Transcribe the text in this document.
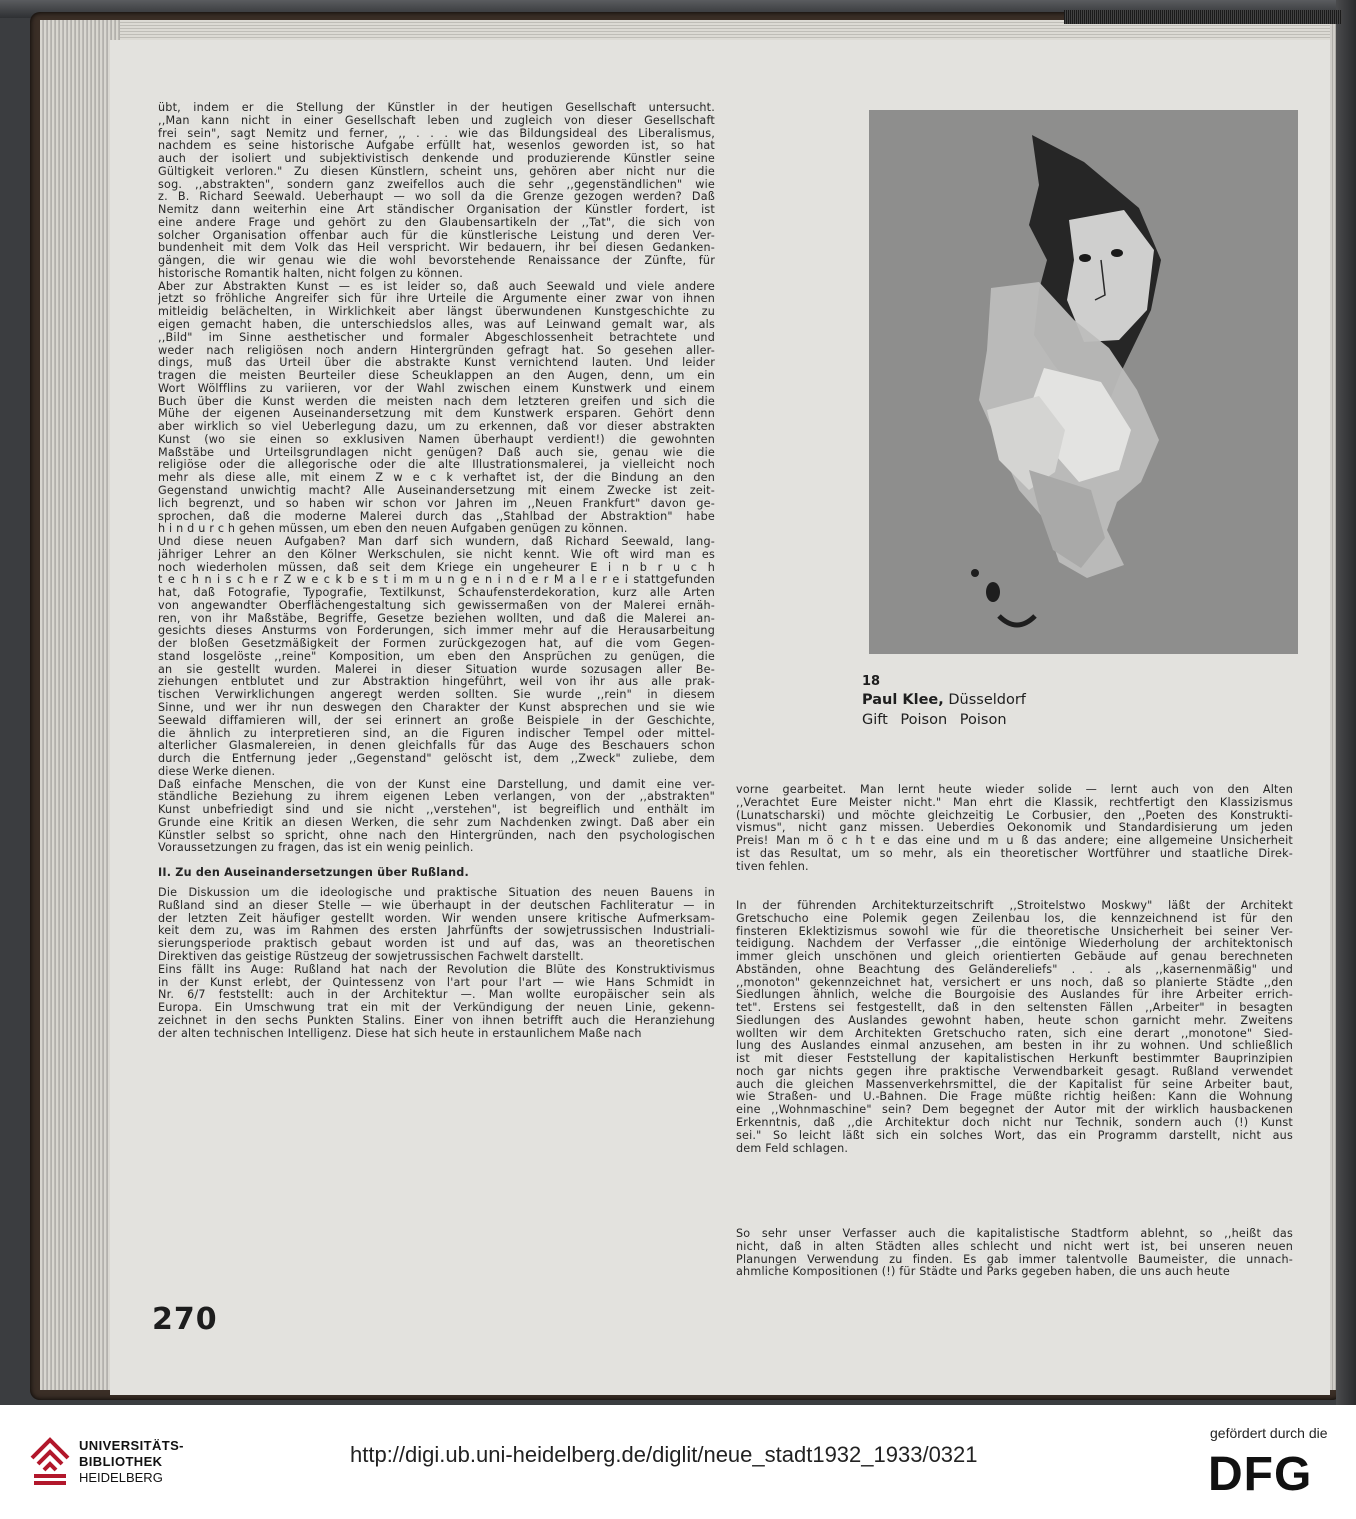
übt, indem er die Stellung der Künstler in der heutigen Gesellschaft untersucht.
,,Man kann nicht in einer Gesellschaft leben und zugleich von dieser Gesellschaft
frei sein", sagt Nemitz und ferner, ,, . . . wie das Bildungsideal des Liberalismus,
nachdem es seine historische Aufgabe erfüllt hat, wesenlos geworden ist, so hat
auch der isoliert und subjektivistisch denkende und produzierende Künstler seine
Gültigkeit verloren." Zu diesen Künstlern, scheint uns, gehören aber nicht nur die
sog. ,,abstrakten", sondern ganz zweifellos auch die sehr ,,gegenständlichen" wie
z. B. Richard Seewald. Ueberhaupt — wo soll da die Grenze gezogen werden? Daß
Nemitz dann weiterhin eine Art ständischer Organisation der Künstler fordert, ist
eine andere Frage und gehört zu den Glaubensartikeln der ,,Tat", die sich von
solcher Organisation offenbar auch für die künstlerische Leistung und deren Ver-
bundenheit mit dem Volk das Heil verspricht. Wir bedauern, ihr bei diesen Gedanken-
gängen, die wir genau wie die wohl bevorstehende Renaissance der Zünfte, für
historische Romantik halten, nicht folgen zu können.
Aber zur Abstrakten Kunst — es ist leider so, daß auch Seewald und viele andere
jetzt so fröhliche Angreifer sich für ihre Urteile die Argumente einer zwar von ihnen
mitleidig belächelten, in Wirklichkeit aber längst überwundenen Kunstgeschichte zu
eigen gemacht haben, die unterschiedslos alles, was auf Leinwand gemalt war, als
,,Bild" im Sinne aesthetischer und formaler Abgeschlossenheit betrachtete und
weder nach religiösen noch andern Hintergründen gefragt hat. So gesehen aller-
dings, muß das Urteil über die abstrakte Kunst vernichtend lauten. Und leider
tragen die meisten Beurteiler diese Scheuklappen an den Augen, denn, um ein
Wort Wölfflins zu variieren, vor der Wahl zwischen einem Kunstwerk und einem
Buch über die Kunst werden die meisten nach dem letzteren greifen und sich die
Mühe der eigenen Auseinandersetzung mit dem Kunstwerk ersparen. Gehört denn
aber wirklich so viel Ueberlegung dazu, um zu erkennen, daß vor dieser abstrakten
Kunst (wo sie einen so exklusiven Namen überhaupt verdient!) die gewohnten
Maßstäbe und Urteilsgrundlagen nicht genügen? Daß auch sie, genau wie die
religiöse oder die allegorische oder die alte Illustrationsmalerei, ja vielleicht noch
mehr als diese alle, mit einem Z w e c k verhaftet ist, der die Bindung an den
Gegenstand unwichtig macht? Alle Auseinandersetzung mit einem Zwecke ist zeit-
lich begrenzt, und so haben wir schon vor Jahren im ,,Neuen Frankfurt" davon ge-
sprochen, daß die moderne Malerei durch das ,,Stahlbad der Abstraktion" habe
h i n d u r c h gehen müssen, um eben den neuen Aufgaben genügen zu können.
Und diese neuen Aufgaben? Man darf sich wundern, daß Richard Seewald, lang-
jähriger Lehrer an den Kölner Werkschulen, sie nicht kennt. Wie oft wird man es
noch wiederholen müssen, daß seit dem Kriege ein ungeheurer E i n b r u c h
t e c h n i s c h e r Z w e c k b e s t i m m u n g e n i n d e r M a l e r e i stattgefunden
hat, daß Fotografie, Typografie, Textilkunst, Schaufensterdekoration, kurz alle Arten
von angewandter Oberflächengestaltung sich gewissermaßen von der Malerei ernäh-
ren, von ihr Maßstäbe, Begriffe, Gesetze beziehen wollten, und daß die Malerei an-
gesichts dieses Ansturms von Forderungen, sich immer mehr auf die Herausarbeitung
der bloßen Gesetzmäßigkeit der Formen zurückgezogen hat, auf die vom Gegen-
stand losgelöste ,,reine" Komposition, um eben den Ansprüchen zu genügen, die
an sie gestellt wurden. Malerei in dieser Situation wurde sozusagen aller Be-
ziehungen entblutet und zur Abstraktion hingeführt, weil von ihr aus alle prak-
tischen Verwirklichungen angeregt werden sollten. Sie wurde ,,rein" in diesem
Sinne, und wer ihr nun deswegen den Charakter der Kunst absprechen und sie wie
Seewald diffamieren will, der sei erinnert an große Beispiele in der Geschichte,
die ähnlich zu interpretieren sind, an die Figuren indischer Tempel oder mittel-
alterlicher Glasmalereien, in denen gleichfalls für das Auge des Beschauers schon
durch die Entfernung jeder ,,Gegenstand" gelöscht ist, dem ,,Zweck" zuliebe, dem
diese Werke dienen.
Daß einfache Menschen, die von der Kunst eine Darstellung, und damit eine ver-
ständliche Beziehung zu ihrem eigenen Leben verlangen, von der ,,abstrakten"
Kunst unbefriedigt sind und sie nicht ,,verstehen", ist begreiflich und enthält im
Grunde eine Kritik an diesen Werken, die sehr zum Nachdenken zwingt. Daß aber ein
Künstler selbst so spricht, ohne nach den Hintergründen, nach den psychologischen
Voraussetzungen zu fragen, das ist ein wenig peinlich.
II. Zu den Auseinandersetzungen über Rußland.
Die Diskussion um die ideologische und praktische Situation des neuen Bauens in
Rußland sind an dieser Stelle — wie überhaupt in der deutschen Fachliteratur — in
der letzten Zeit häufiger gestellt worden. Wir wenden unsere kritische Aufmerksam-
keit dem zu, was im Rahmen des ersten Jahrfünfts der sowjetrussischen Industriali-
sierungsperiode praktisch gebaut worden ist und auf das, was an theoretischen
Direktiven das geistige Rüstzeug der sowjetrussischen Fachwelt darstellt.
Eins fällt ins Auge: Rußland hat nach der Revolution die Blüte des Konstruktivismus
in der Kunst erlebt, der Quintessenz von l'art pour l'art — wie Hans Schmidt in
Nr. 6/7 feststellt: auch in der Architektur —. Man wollte europäischer sein als
Europa. Ein Umschwung trat ein mit der Verkündigung der neuen Linie, gekenn-
zeichnet in den sechs Punkten Stalins. Einer von ihnen betrifft auch die Heranziehung
der alten technischen Intelligenz. Diese hat sich heute in erstaunlichem Maße nach
vorne gearbeitet. Man lernt heute wieder solide — lernt auch von den Alten
,,Verachtet Eure Meister nicht." Man ehrt die Klassik, rechtfertigt den Klassizismus
(Lunatscharski) und möchte gleichzeitig Le Corbusier, den ,,Poeten des Konstrukti-
vismus", nicht ganz missen. Ueberdies Oekonomik und Standardisierung um jeden
Preis! Man m ö c h t e das eine und m u ß das andere; eine allgemeine Unsicherheit
ist das Resultat, um so mehr, als ein theoretischer Wortführer und staatliche Direk-
tiven fehlen.
In der führenden Architekturzeitschrift ,,Stroitelstwo Moskwy" läßt der Architekt
Gretschucho eine Polemik gegen Zeilenbau los, die kennzeichnend ist für den
finsteren Eklektizismus sowohl wie für die theoretische Unsicherheit bei seiner Ver-
teidigung. Nachdem der Verfasser ,,die eintönige Wiederholung der architektonisch
immer gleich unschönen und gleich orientierten Gebäude auf genau berechneten
Abständen, ohne Beachtung des Geländereliefs" . . . als ,,kasernenmäßig" und
,,monoton" gekennzeichnet hat, versichert er uns noch, daß so planierte Städte ,,den
Siedlungen ähnlich, welche die Bourgoisie des Auslandes für ihre Arbeiter errich-
tet". Erstens sei festgestellt, daß in den seltensten Fällen ,,Arbeiter" in besagten
Siedlungen des Auslandes gewohnt haben, heute schon garnicht mehr. Zweitens
wollten wir dem Architekten Gretschucho raten, sich eine derart ,,monotone" Sied-
lung des Auslandes einmal anzusehen, am besten in ihr zu wohnen. Und schließlich
ist mit dieser Feststellung der kapitalistischen Herkunft bestimmter Bauprinzipien
noch gar nichts gegen ihre praktische Verwendbarkeit gesagt. Rußland verwendet
auch die gleichen Massenverkehrsmittel, die der Kapitalist für seine Arbeiter baut,
wie Straßen- und U.-Bahnen. Die Frage müßte richtig heißen: Kann die Wohnung
eine ,,Wohnmaschine" sein? Dem begegnet der Autor mit der wirklich hausbackenen
Erkenntnis, daß ,,die Architektur doch nicht nur Technik, sondern auch (!) Kunst
sei." So leicht läßt sich ein solches Wort, das ein Programm darstellt, nicht aus
dem Feld schlagen.
So sehr unser Verfasser auch die kapitalistische Stadtform ablehnt, so ,,heißt das
nicht, daß in alten Städten alles schlecht und nicht wert ist, bei unseren neuen
Planungen Verwendung zu finden. Es gab immer talentvolle Baumeister, die unnach-
ahmliche Kompositionen (!) für Städte und Parks gegeben haben, die uns auch heute
18
Paul Klee, Düsseldorf
Gift Poison Poison
270
UNIVERSITÄTS-
BIBLIOTHEK
HEIDELBERG
http://digi.ub.uni-heidelberg.de/diglit/neue_stadt1932_1933/0321
gefördert durch die
DFG
